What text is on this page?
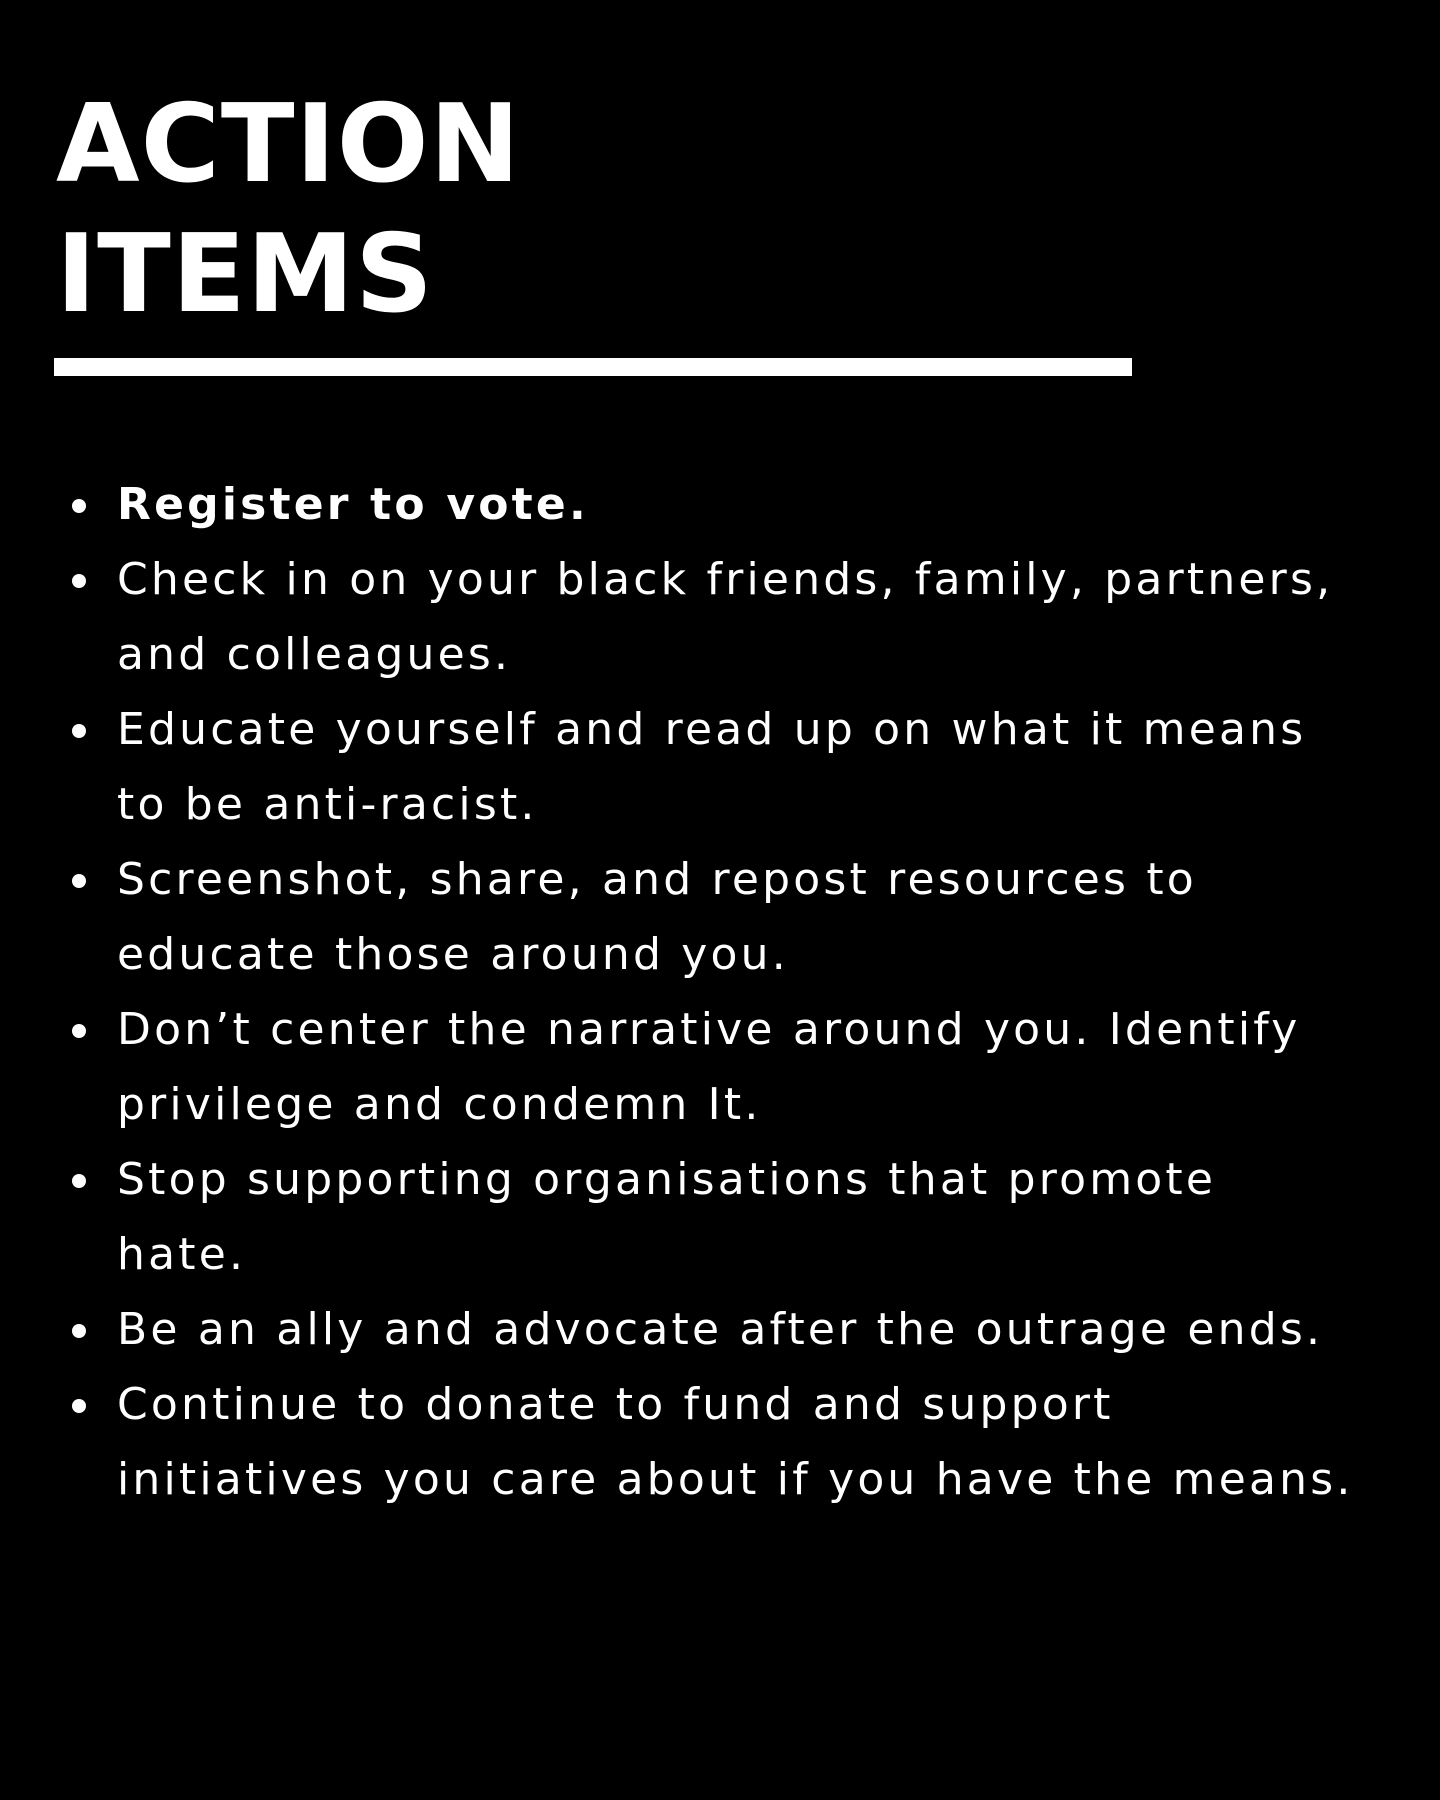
ACTION
ITEMS
Register to vote.
Check in on your black friends, family, partners,
and colleagues.
Educate yourself and read up on what it means
to be anti-racist.
Screenshot, share, and repost resources to
educate those around you.
Don’t center the narrative around you. Identify
privilege and condemn It.
Stop supporting organisations that promote
hate.
Be an ally and advocate after the outrage ends.
Continue to donate to fund and support
initiatives you care about if you have the means.
